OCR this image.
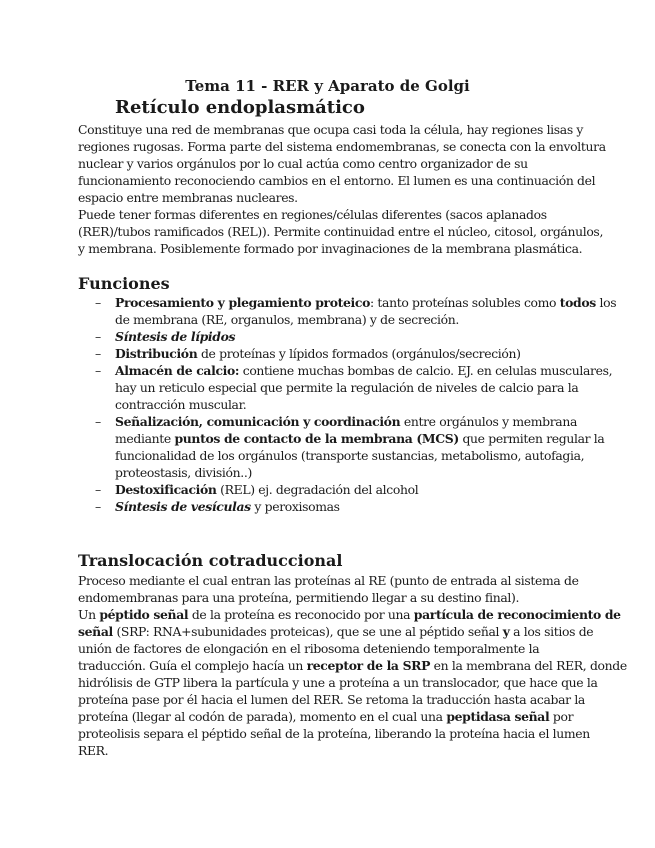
Tema 11 - RER y Aparato de Golgi
Retículo endoplasmático
Constituye una red de membranas que ocupa casi toda la célula, hay regiones lisas y
regiones rugosas. Forma parte del sistema endomembranas, se conecta con la envoltura
nuclear y varios orgánulos por lo cual actúa como centro organizador de su
funcionamiento reconociendo cambios en el entorno. El lumen es una continuación del
espacio entre membranas nucleares.
Puede tener formas diferentes en regiones/células diferentes (sacos aplanados
(RER)/tubos ramificados (REL)). Permite continuidad entre el núcleo, citosol, orgánulos,
y membrana. Posiblemente formado por invaginaciones de la membrana plasmática.
Funciones
– Procesamiento y plegamiento proteico: tanto proteínas solubles como todos los
de membrana (RE, organulos, membrana) y de secreción.
– Síntesis de lípidos
– Distribución de proteínas y lípidos formados (orgánulos/secreción)
– Almacén de calcio: contiene muchas bombas de calcio. EJ. en celulas musculares,
hay un reticulo especial que permite la regulación de niveles de calcio para la
contracción muscular.
– Señalización, comunicación y coordinación entre orgánulos y membrana
mediante puntos de contacto de la membrana (MCS) que permiten regular la
funcionalidad de los orgánulos (transporte sustancias, metabolismo, autofagia,
proteostasis, división..)
– Destoxificación (REL) ej. degradación del alcohol
– Síntesis de vesículas y peroxisomas
Translocación cotraduccional
Proceso mediante el cual entran las proteínas al RE (punto de entrada al sistema de
endomembranas para una proteína, permitiendo llegar a su destino final).
Un péptido señal de la proteína es reconocido por una partícula de reconocimiento de
señal (SRP: RNA+subunidades proteicas), que se une al péptido señal y a los sitios de
unión de factores de elongación en el ribosoma deteniendo temporalmente la
traducción. Guía el complejo hacía un receptor de la SRP en la membrana del RER, donde
hidrólisis de GTP libera la partícula y une a proteína a un translocador, que hace que la
proteína pase por él hacia el lumen del RER. Se retoma la traducción hasta acabar la
proteína (llegar al codón de parada), momento en el cual una peptidasa señal por
proteolisis separa el péptido señal de la proteína, liberando la proteína hacia el lumen
RER.
